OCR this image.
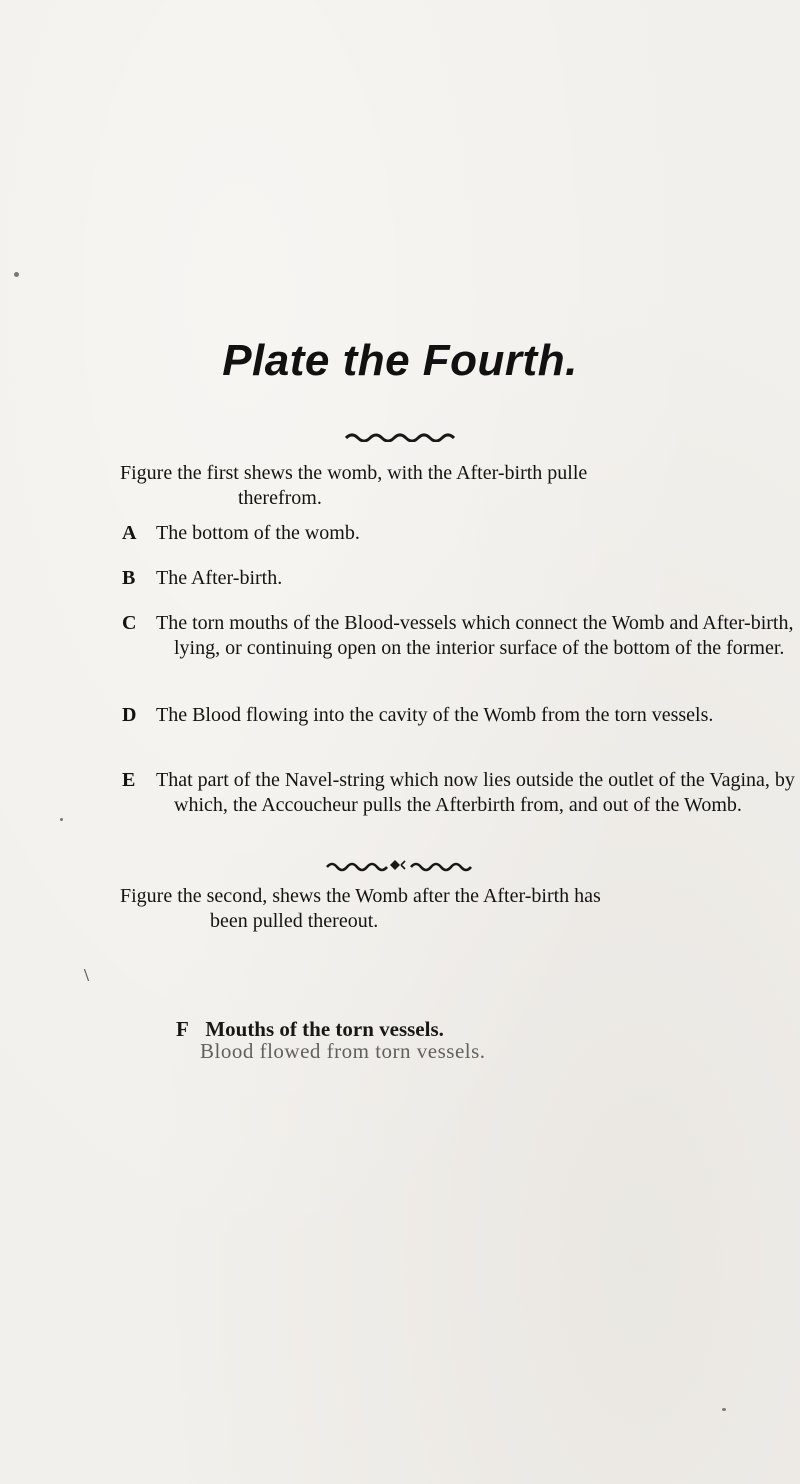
Plate the Fourth.
Figure the first shews the womb, with the After-birth pulle
therefrom.
A The bottom of the womb.
B The After-birth.
C The torn mouths of the Blood-vessels which connect the Womb and After-birth, lying, or continuing open on the interior surface of the bottom of the former.
D The Blood flowing into the cavity of the Womb from the torn vessels.
E That part of the Navel-string which now lies outside the outlet of the Vagina, by which, the Accoucheur pulls the Afterbirth from, and out of the Womb.
Figure the second, shews the Womb after the After-birth has
been pulled thereout.
\
F Mouths of the torn vessels.
Blood flowed from torn vessels.
